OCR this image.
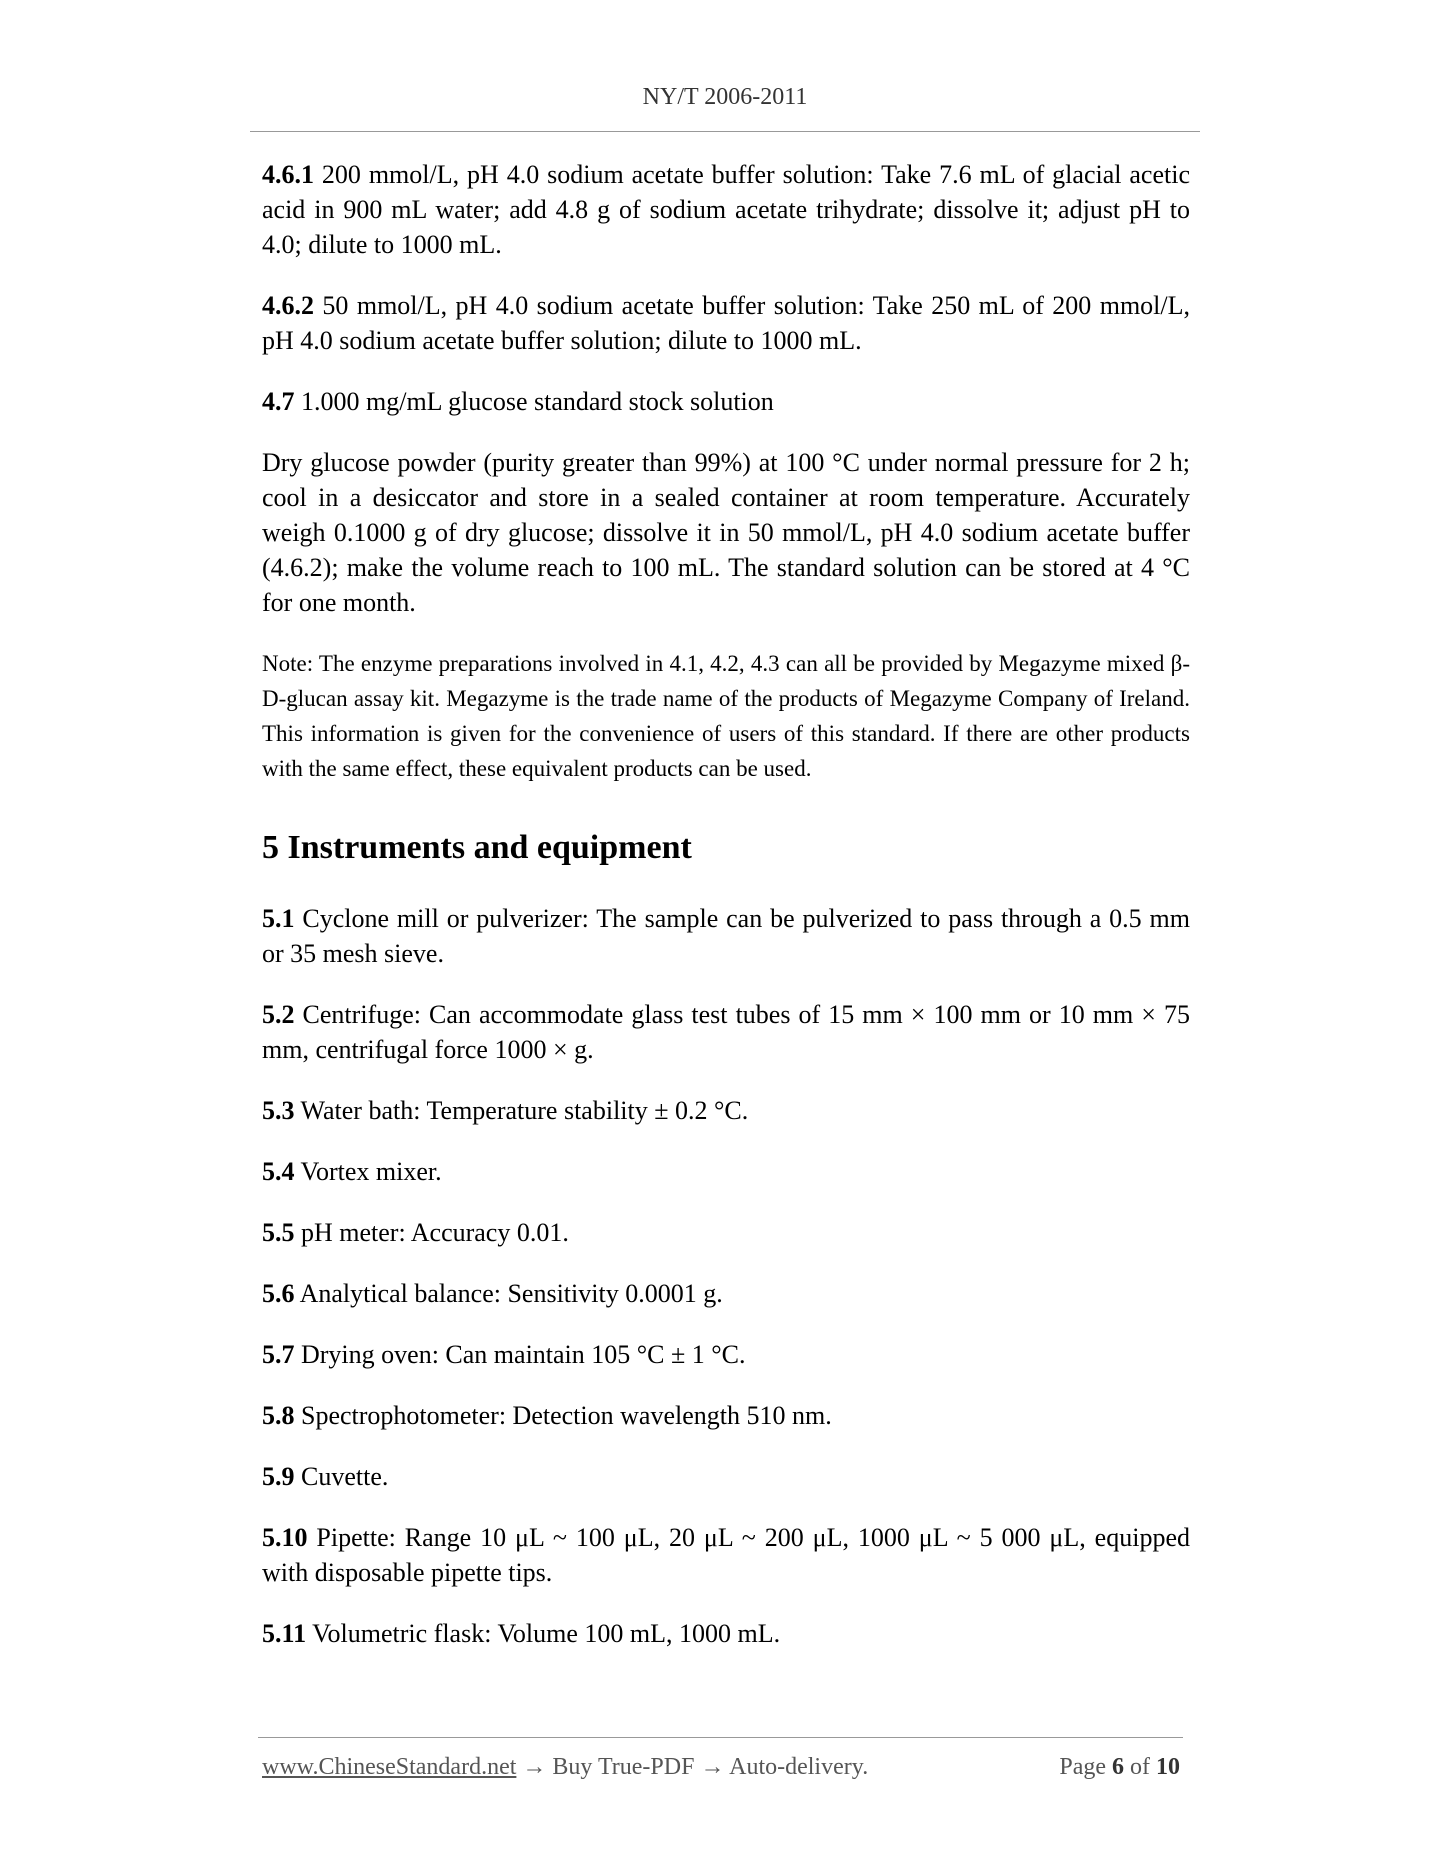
NY/T 2006-2011

4.6.1 200 mmol/L, pH 4.0 sodium acetate buffer solution: Take 7.6 mL of glacial acetic acid in 900 mL water; add 4.8 g of sodium acetate trihydrate; dissolve it; adjust pH to 4.0; dilute to 1000 mL.

4.6.2 50 mmol/L, pH 4.0 sodium acetate buffer solution: Take 250 mL of 200 mmol/L, pH 4.0 sodium acetate buffer solution; dilute to 1000 mL.

4.7 1.000 mg/mL glucose standard stock solution

Dry glucose powder (purity greater than 99%) at 100 °C under normal pressure for 2 h; cool in a desiccator and store in a sealed container at room temperature. Accurately weigh 0.1000 g of dry glucose; dissolve it in 50 mmol/L, pH 4.0 sodium acetate buffer (4.6.2); make the volume reach to 100 mL. The standard solution can be stored at 4 °C for one month.

Note: The enzyme preparations involved in 4.1, 4.2, 4.3 can all be provided by Megazyme mixed β-D-glucan assay kit. Megazyme is the trade name of the products of Megazyme Company of Ireland. This information is given for the convenience of users of this standard. If there are other products with the same effect, these equivalent products can be used.

5 Instruments and equipment

5.1 Cyclone mill or pulverizer: The sample can be pulverized to pass through a 0.5 mm or 35 mesh sieve.

5.2 Centrifuge: Can accommodate glass test tubes of 15 mm × 100 mm or 10 mm × 75 mm, centrifugal force 1000 × g.

5.3 Water bath: Temperature stability ± 0.2 °C.

5.4 Vortex mixer.

5.5 pH meter: Accuracy 0.01.

5.6 Analytical balance: Sensitivity 0.0001 g.

5.7 Drying oven: Can maintain 105 °C ± 1 °C.

5.8 Spectrophotometer: Detection wavelength 510 nm.

5.9 Cuvette.

5.10 Pipette: Range 10 μL ~ 100 μL, 20 μL ~ 200 μL, 1000 μL ~ 5 000 μL, equipped with disposable pipette tips.

5.11 Volumetric flask: Volume 100 mL, 1000 mL.

www.ChineseStandard.net → Buy True-PDF → Auto-delivery.	Page 6 of 10
